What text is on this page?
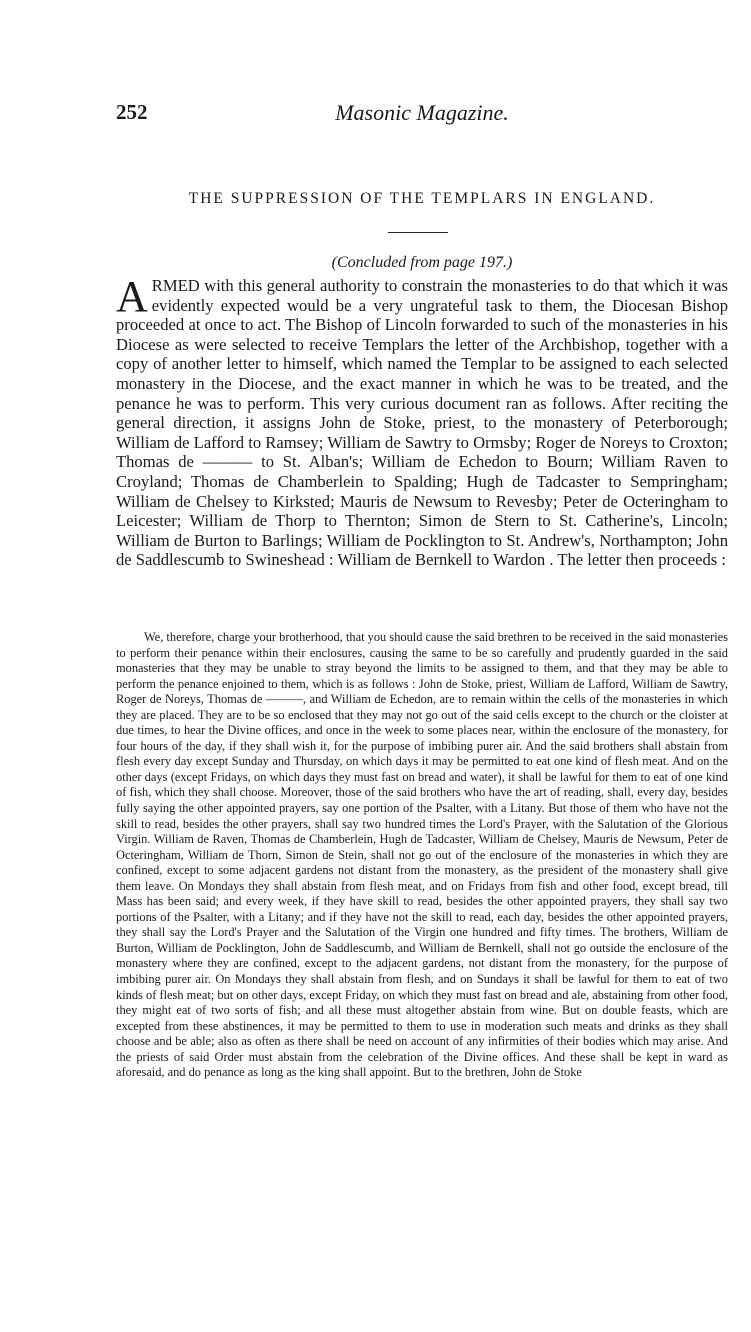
252	Masonic Magazine.
THE SUPPRESSION OF THE TEMPLARS IN ENGLAND.
(Concluded from page 197.)

ARMED with this general authority to constrain the monasteries to do that which it was evidently expected would be a very ungrateful task to them, the Diocesan Bishop proceeded at once to act. The Bishop of Lincoln forwarded to such of the monasteries in his Diocese as were selected to receive Templars the letter of the Archbishop, together with a copy of another letter to himself, which named the Templar to be assigned to each selected monastery in the Diocese, and the exact manner in which he was to be treated, and the penance he was to perform. This very curious document ran as follows. After reciting the general direction, it assigns John de Stoke, priest, to the monastery of Peterborough; William de Lafford to Ramsey; William de Sawtry to Ormsby; Roger de Noreys to Croxton; Thomas de ——— to St. Alban's; William de Echedon to Bourn; William Raven to Croyland; Thomas de Chamberlein to Spalding; Hugh de Tadcaster to Sempringham; William de Chelsey to Kirksted; Mauris de Newsum to Revesby; Peter de Octeringham to Leicester; William de Thorp to Thernton; Simon de Stern to St. Catherine's, Lincoln; William de Burton to Barlings; William de Pocklington to St. Andrew's, Northampton; John de Saddlescumb to Swineshead : William de Bernkell to Wardon . The letter then proceeds :

We, therefore, charge your brotherhood, that you should cause the said brethren to be received in the said monasteries to perform their penance within their enclosures, causing the same to be so carefully and prudently guarded in the said monasteries that they may be unable to stray beyond the limits to be assigned to them, and that they may be able to perform the penance enjoined to them, which is as follows : John de Stoke, priest, William de Lafford, William de Sawtry, Roger de Noreys, Thomas de ———, and William de Echedon, are to remain within the cells of the monasteries in which they are placed. They are to be so enclosed that they may not go out of the said cells except to the church or the cloister at due times, to hear the Divine offices, and once in the week to some places near, within the enclosure of the monastery, for four hours of the day, if they shall wish it, for the purpose of imbibing purer air. And the said brothers shall abstain from flesh every day except Sunday and Thursday, on which days it may be permitted to eat one kind of flesh meat. And on the other days (except Fridays, on which days they must fast on bread and water), it shall be lawful for them to eat of one kind of fish, which they shall choose. Moreover, those of the said brothers who have the art of reading, shall, every day, besides fully saying the other appointed prayers, say one portion of the Psalter, with a Litany. But those of them who have not the skill to read, besides the other prayers, shall say two hundred times the Lord's Prayer, with the Salutation of the Glorious Virgin. William de Raven, Thomas de Chamberlein, Hugh de Tadcaster, William de Chelsey, Mauris de Newsum, Peter de Octeringham, William de Thorn, Simon de Stein, shall not go out of the enclosure of the monasteries in which they are confined, except to some adjacent gardens not distant from the monastery, as the president of the monastery shall give them leave. On Mondays they shall abstain from flesh meat, and on Fridays from fish and other food, except bread, till Mass has been said; and every week, if they have skill to read, besides the other appointed prayers, they shall say two portions of the Psalter, with a Litany; and if they have not the skill to read, each day, besides the other appointed prayers, they shall say the Lord's Prayer and the Salutation of the Virgin one hundred and fifty times. The brothers, William de Burton, William de Pocklington, John de Saddlescumb, and William de Bernkell, shall not go outside the enclosure of the monastery where they are confined, except to the adjacent gardens, not distant from the monastery, for the purpose of imbibing purer air. On Mondays they shall abstain from flesh, and on Sundays it shall be lawful for them to eat of two kinds of flesh meat; but on other days, except Friday, on which they must fast on bread and ale, abstaining from other food, they might eat of two sorts of fish; and all these must altogether abstain from wine. But on double feasts, which are excepted from these abstinences, it may be permitted to them to use in moderation such meats and drinks as they shall choose and be able; also as often as there shall be need on account of any infirmities of their bodies which may arise. And the priests of said Order must abstain from the celebration of the Divine offices. And these shall be kept in ward as aforesaid, and do penance as long as the king shall appoint. But to the brethren, John de Stoke
